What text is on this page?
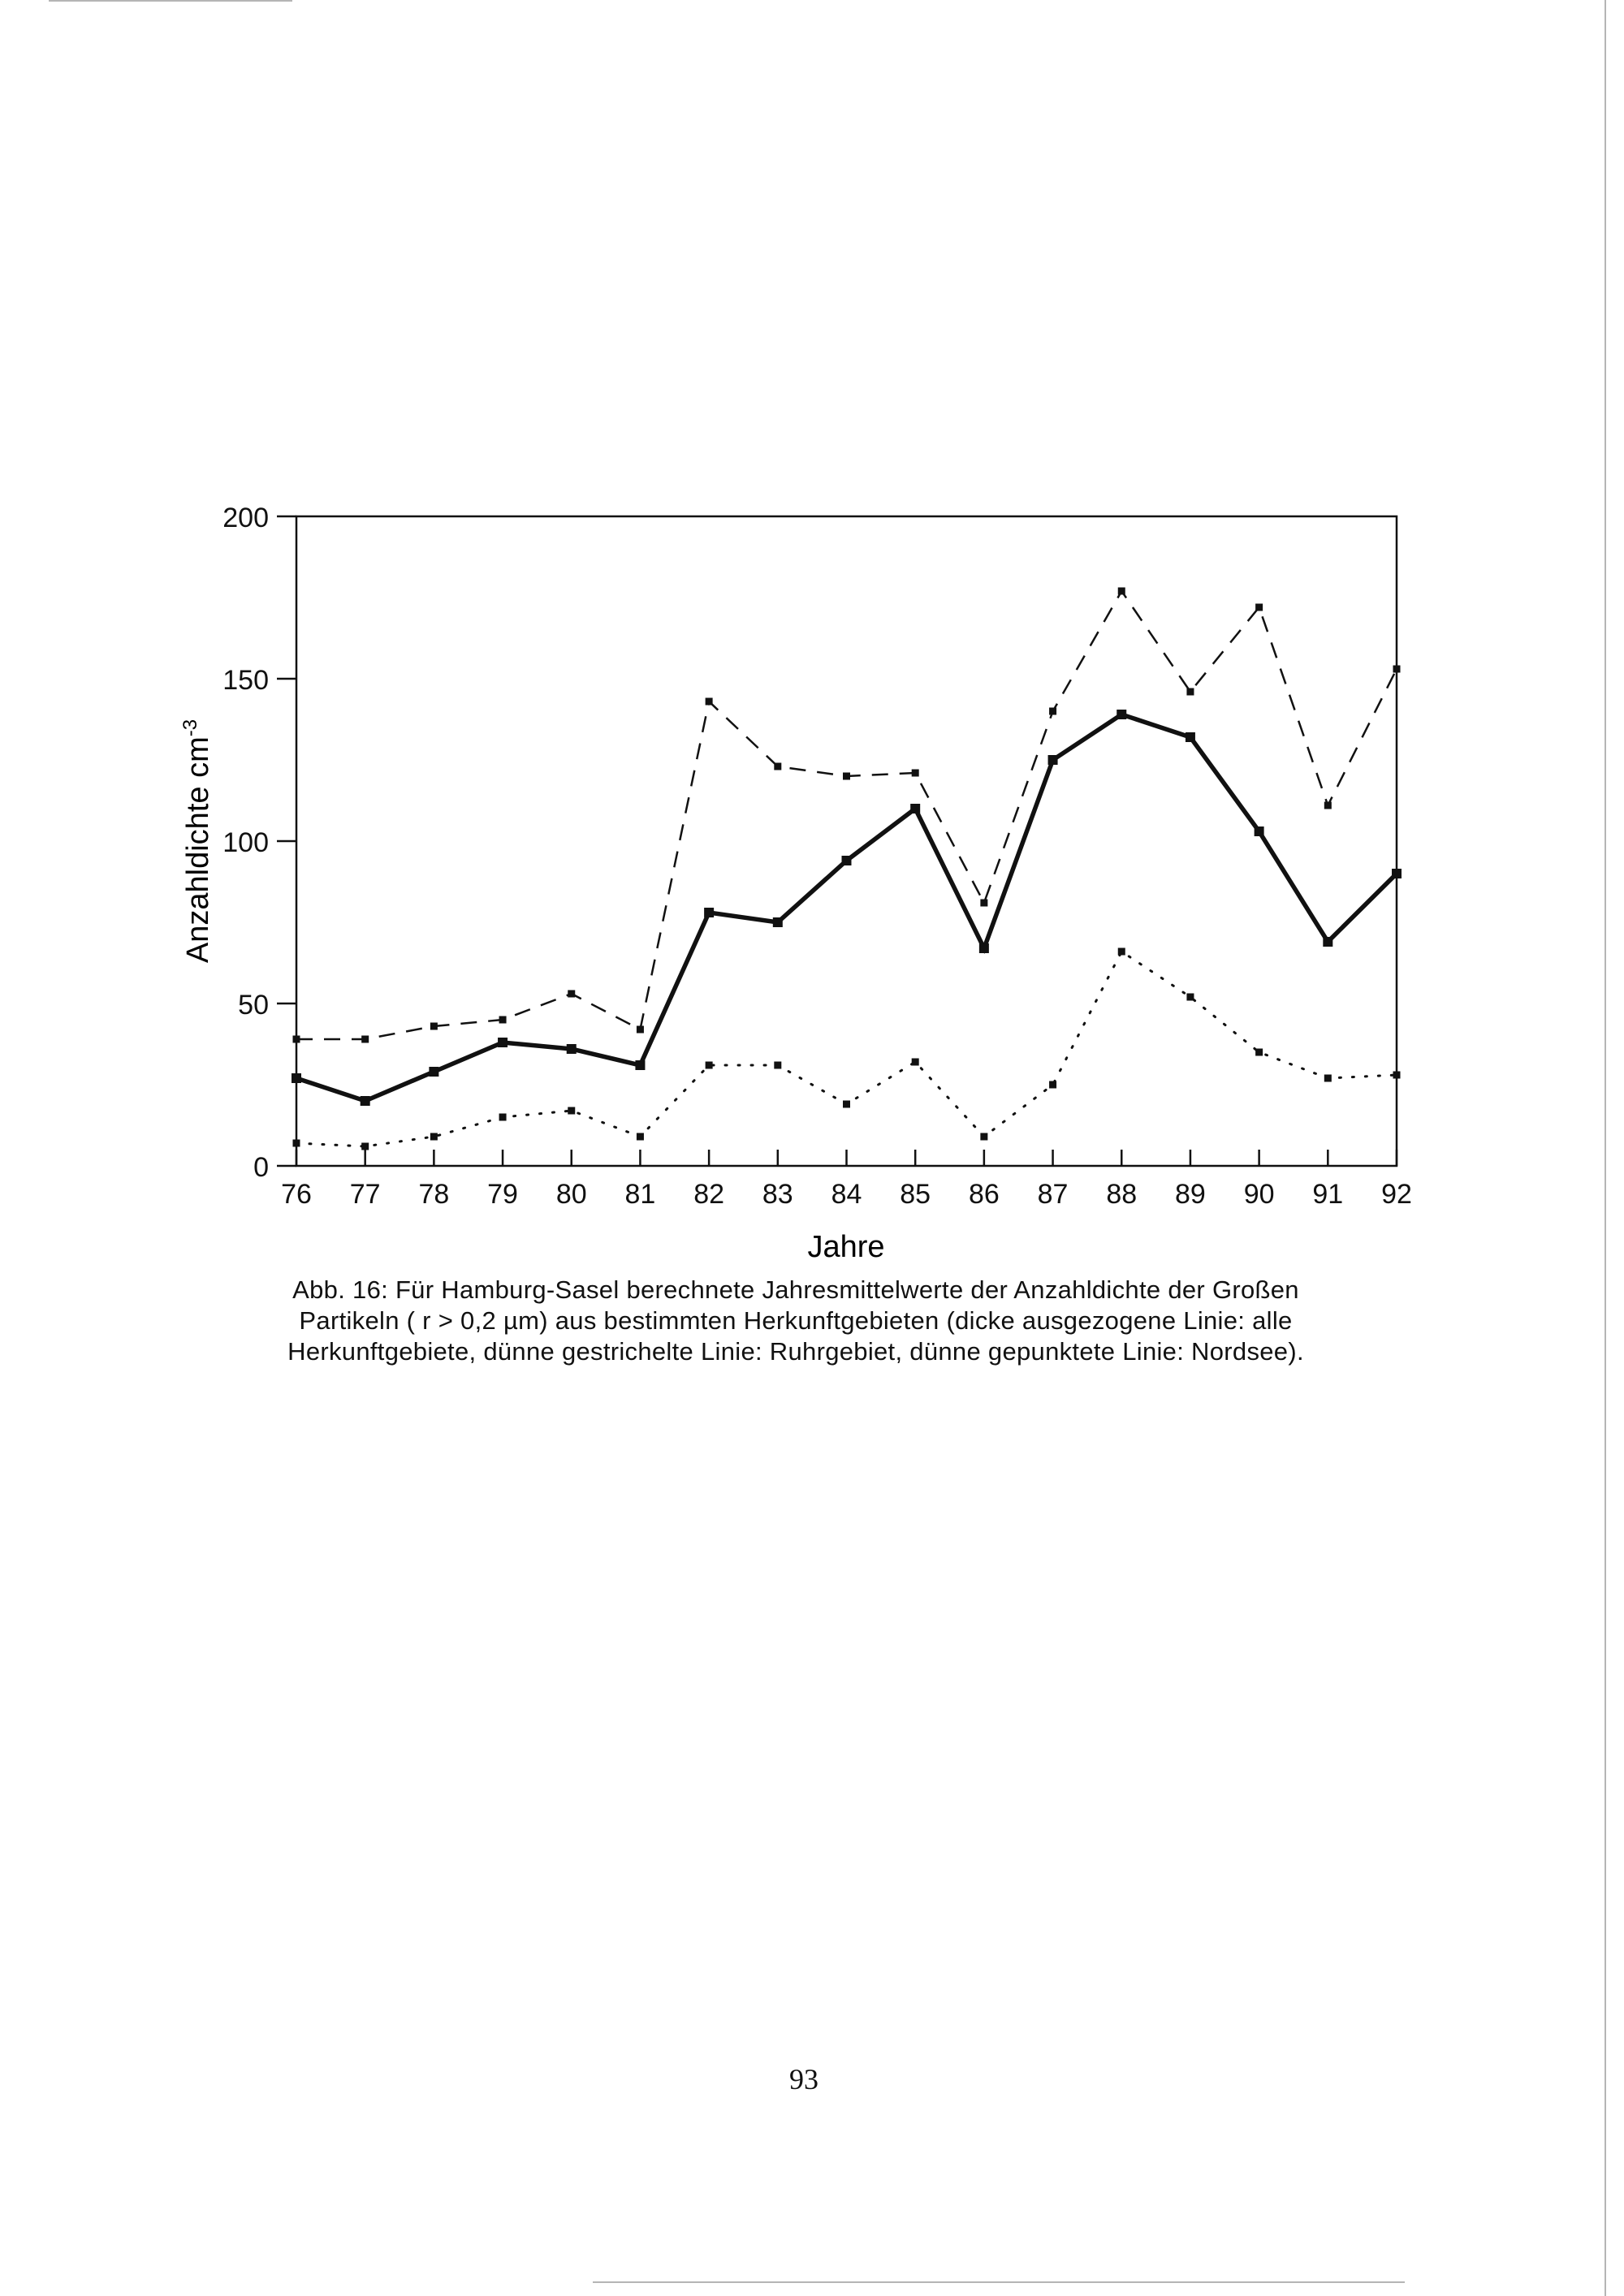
0
50
100
150
200
76 77 78 79 80 81 82 83 84 85 86 87 88 89 90 91 92
Jahre
Anzahldichte $cm^{-3}$
Abb. 16: Für Hamburg-Sasel berechnete Jahresmittelwerte der Anzahldichte der Großen
Partikeln ( r > 0,2 µm) aus bestimmten Herkunftgebieten (dicke ausgezogene Linie: alle
Herkunftgebiete, dünne gestrichelte Linie: Ruhrgebiet, dünne gepunktete Linie: Nordsee).
93
